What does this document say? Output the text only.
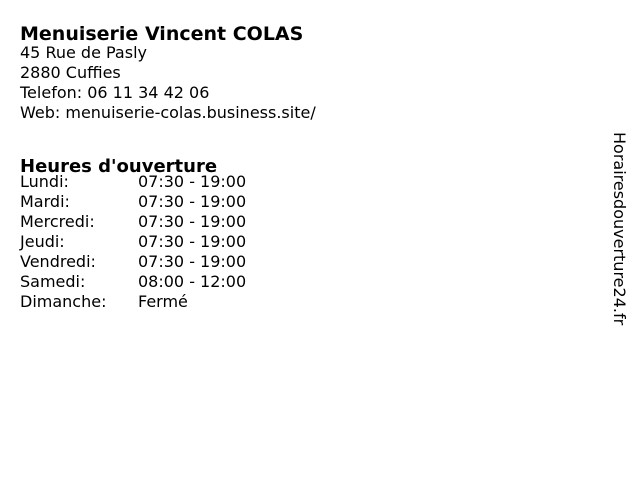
Menuiserie Vincent COLAS
45 Rue de Pasly
2880 Cuffies
Telefon: 06 11 34 42 06
Web: menuiserie-colas.business.site/
Heures d'ouverture
Lundi:	07:30 - 19:00
Mardi:	07:30 - 19:00
Mercredi:	07:30 - 19:00
Jeudi:	07:30 - 19:00
Vendredi:	07:30 - 19:00
Samedi:	08:00 - 12:00
Dimanche:	Fermé	Horairesdouverture24.fr
